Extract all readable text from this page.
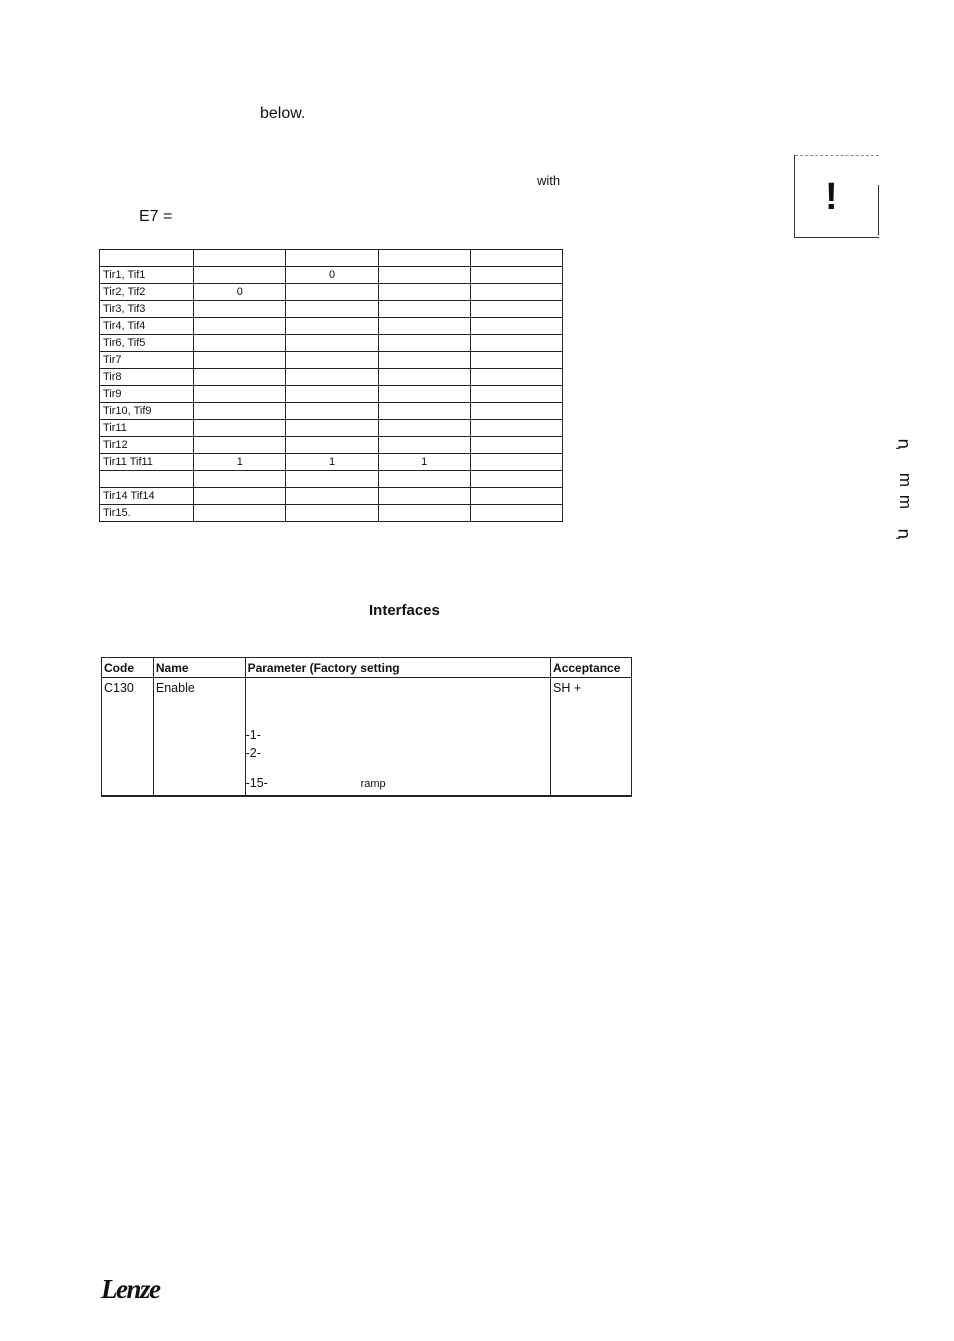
below.
with
E7 =	!

Tir1, Tif1		0		
Tir2, Tif2	0			
Tir3, Tif3				
Tir4, Tif4				
Tir6, Tif5				
Tir7				
Tir8				
Tir9				
Tir10, Tif9				
Tir11				
Tir12				
Tir11 Tif11	1	1	1	

Tir14 Tif14				
Tir15.				
Interfaces
Code	Name	Parameter (Factory setting	Acceptance
C130	Enable	-1-
-2-
-15- ramp	SH +
ꞑ
m
m
ꞑ
Lenze
